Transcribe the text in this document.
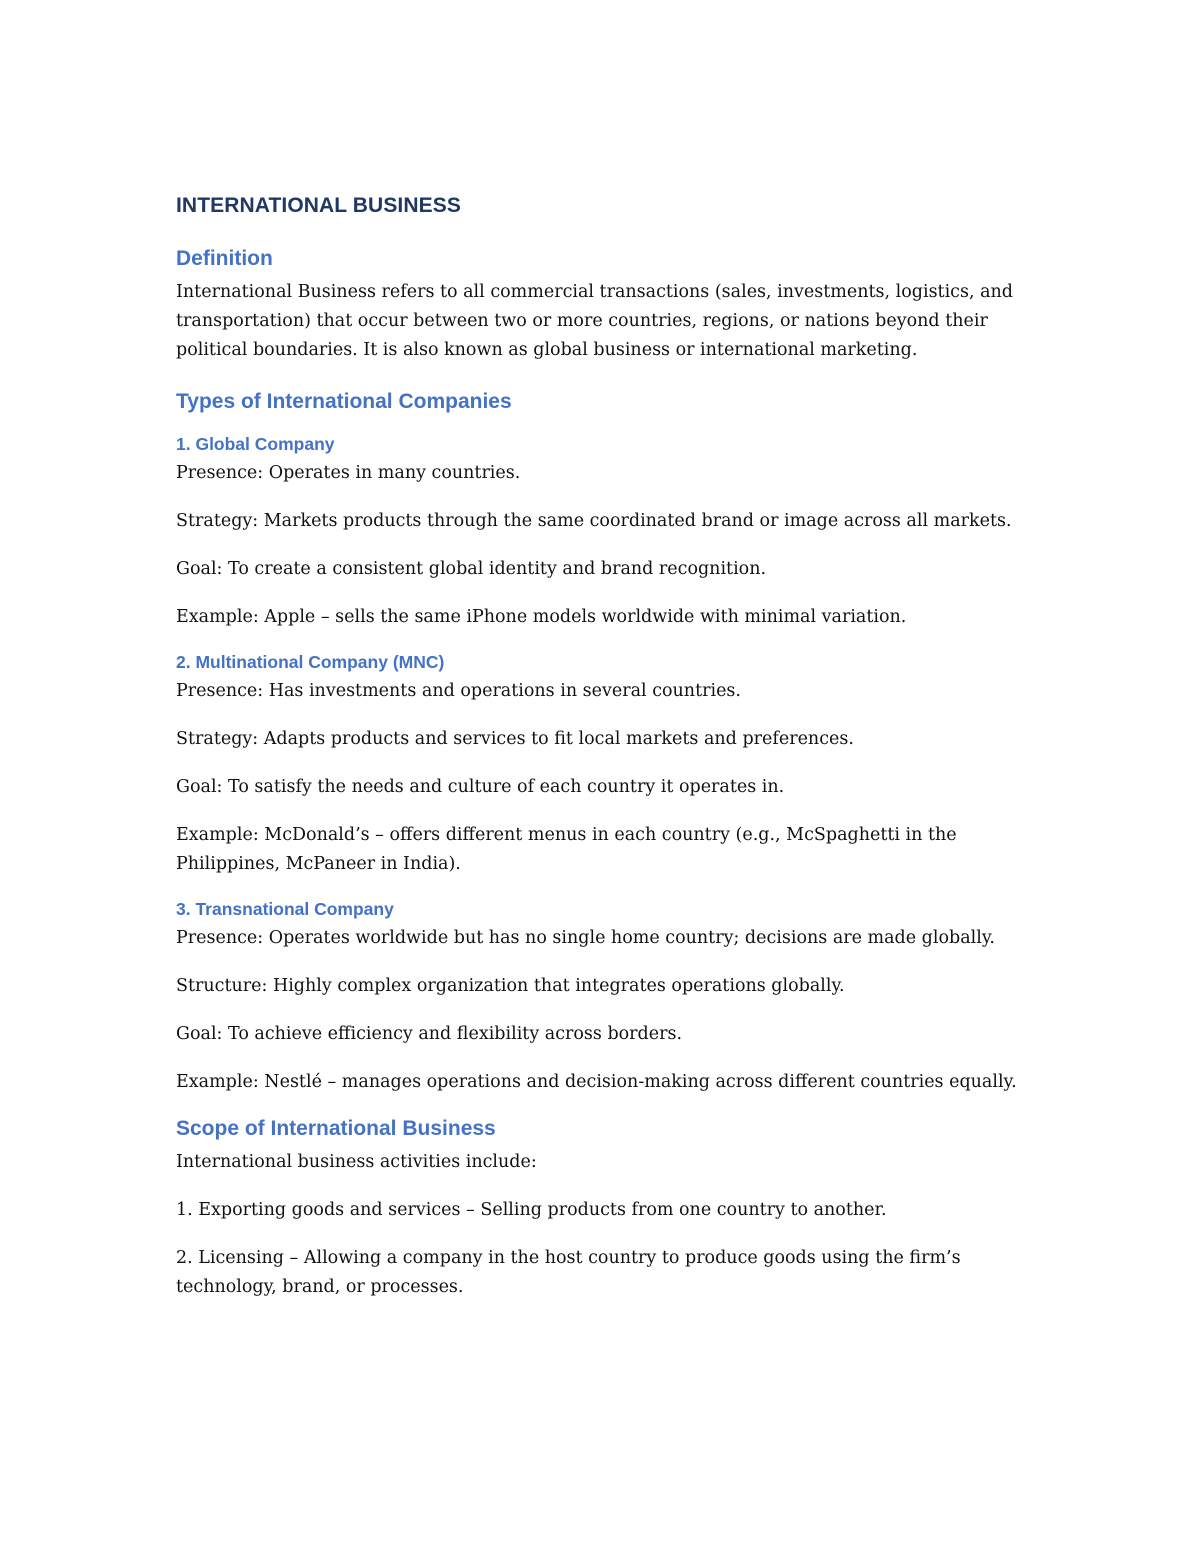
INTERNATIONAL BUSINESS
Definition

International Business refers to all commercial transactions (sales, investments, logistics, and transportation) that occur between two or more countries, regions, or nations beyond their political boundaries. It is also known as global business or international marketing.

Types of International Companies
1. Global Company

Presence: Operates in many countries.

Strategy: Markets products through the same coordinated brand or image across all markets.

Goal: To create a consistent global identity and brand recognition.

Example: Apple – sells the same iPhone models worldwide with minimal variation.

2. Multinational Company (MNC)

Presence: Has investments and operations in several countries.

Strategy: Adapts products and services to fit local markets and preferences.

Goal: To satisfy the needs and culture of each country it operates in.

Example: McDonald’s – offers different menus in each country (e.g., McSpaghetti in the Philippines, McPaneer in India).

3. Transnational Company

Presence: Operates worldwide but has no single home country; decisions are made globally.

Structure: Highly complex organization that integrates operations globally.

Goal: To achieve efficiency and flexibility across borders.

Example: Nestlé – manages operations and decision-making across different countries equally.

Scope of International Business

International business activities include:

1. Exporting goods and services – Selling products from one country to another.

2. Licensing – Allowing a company in the host country to produce goods using the firm’s technology, brand, or processes.
